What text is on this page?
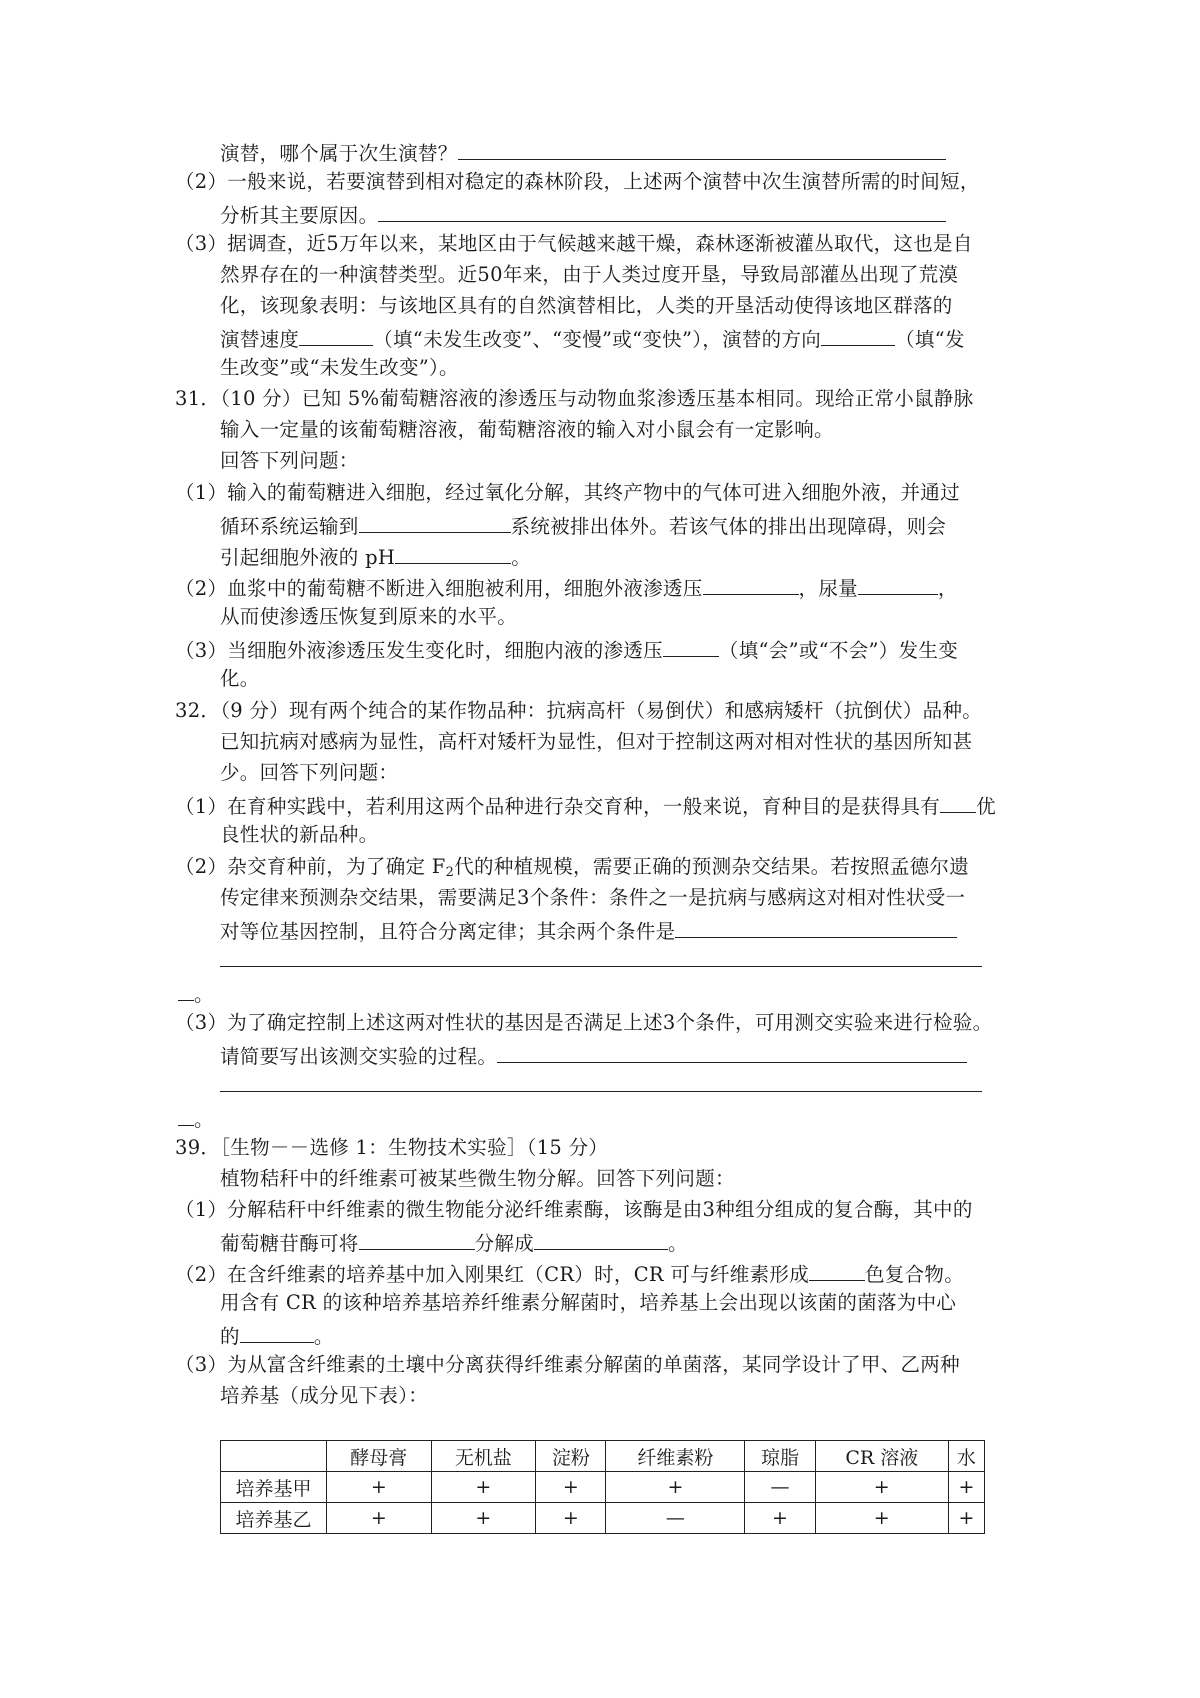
演替，哪个属于次生演替？
（2）一般来说，若要演替到相对稳定的森林阶段，上述两个演替中次生演替所需的时间短，
分析其主要原因。
（3）据调查，近5万年以来，某地区由于气候越来越干燥，森林逐渐被灌丛取代，这也是自
然界存在的一种演替类型。近50年来，由于人类过度开垦，导致局部灌丛出现了荒漠
化，该现象表明：与该地区具有的自然演替相比，人类的开垦活动使得该地区群落的
演替速度	（填“未发生改变”、“变慢”或“变快”），演替的方向	（填“发
生改变”或“未发生改变”）。
31．（10 分）已知 5%葡萄糖溶液的渗透压与动物血浆渗透压基本相同。现给正常小鼠静脉
输入一定量的该葡萄糖溶液，葡萄糖溶液的输入对小鼠会有一定影响。
回答下列问题：
（1）输入的葡萄糖进入细胞，经过氧化分解，其终产物中的气体可进入细胞外液，并通过
循环系统运输到	系统被排出体外。若该气体的排出出现障碍，则会
引起细胞外液的 pH	。
（2）血浆中的葡萄糖不断进入细胞被利用，细胞外液渗透压	，尿量	，
从而使渗透压恢复到原来的水平。
（3）当细胞外液渗透压发生变化时，细胞内液的渗透压	（填“会”或“不会”）发生变
化。
32．（9 分）现有两个纯合的某作物品种：抗病高杆（易倒伏）和感病矮杆（抗倒伏）品种。
已知抗病对感病为显性，高杆对矮杆为显性，但对于控制这两对相对性状的基因所知甚
少。回答下列问题：
（1）在育种实践中，若利用这两个品种进行杂交育种，一般来说，育种目的是获得具有 优
良性状的新品种。
（2）杂交育种前，为了确定 $F_2$代的种植规模，需要正确的预测杂交结果。若按照孟德尔遗
传定律来预测杂交结果，需要满足3个条件：条件之一是抗病与感病这对相对性状受一
对等位基因控制，且符合分离定律；其余两个条件是
。
（3）为了确定控制上述这两对性状的基因是否满足上述3个条件，可用测交实验来进行检验。
请简要写出该测交实验的过程。
。
39．［生物－－选修 1：生物技术实验］（15 分）
植物秸秆中的纤维素可被某些微生物分解。回答下列问题：
（1）分解秸秆中纤维素的微生物能分泌纤维素酶，该酶是由3种组分组成的复合酶，其中的
葡萄糖苷酶可将	分解成	。
（2）在含纤维素的培养基中加入刚果红（CR）时，CR 可与纤维素形成	色复合物。
用含有 CR 的该种培养基培养纤维素分解菌时，培养基上会出现以该菌的菌落为中心
的	。
（3）为从富含纤维素的土壤中分离获得纤维素分解菌的单菌落，某同学设计了甲、乙两种
培养基（成分见下表）：
	酵母膏	无机盐	淀粉	纤维素粉	琼脂	CR 溶液	水
培养基甲	+	+	+	+	—	+	+
培养基乙	+	+	+	—	+	+	+
